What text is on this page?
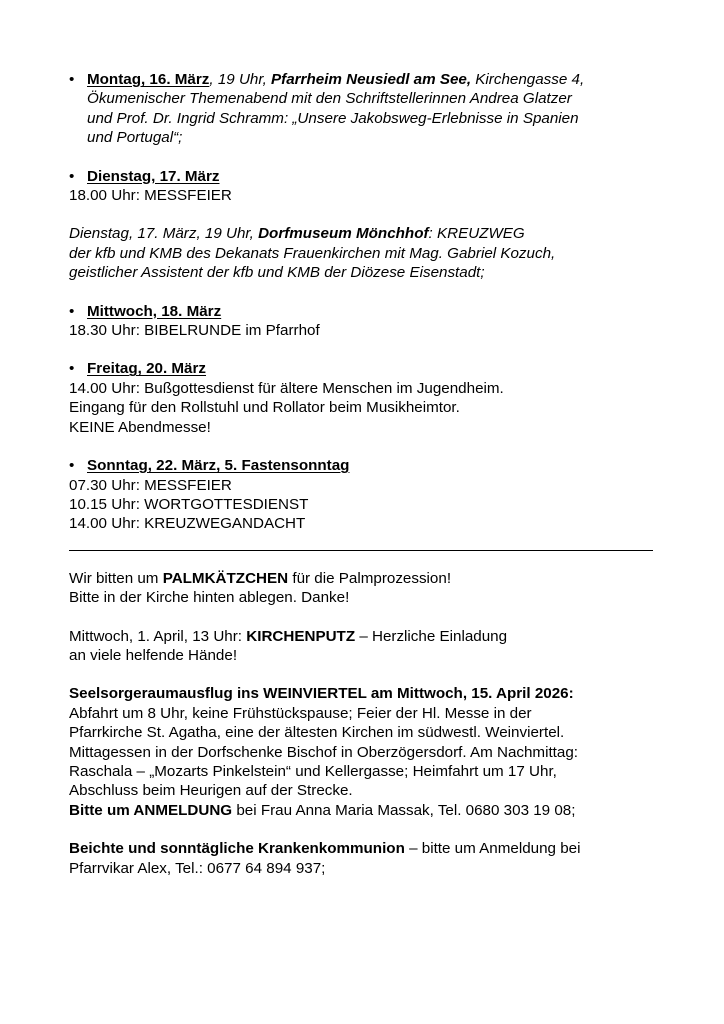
• Montag, 16. März, 19 Uhr, Pfarrheim Neusiedl am See, Kirchengasse 4,
Ökumenischer Themenabend mit den Schriftstellerinnen Andrea Glatzer
und Prof. Dr. Ingrid Schramm: „Unsere Jakobsweg-Erlebnisse in Spanien
und Portugal“;
• Dienstag, 17. März
18.00 Uhr: MESSFEIER
Dienstag, 17. März, 19 Uhr, Dorfmuseum Mönchhof: KREUZWEG
der kfb und KMB des Dekanats Frauenkirchen mit Mag. Gabriel Kozuch,
geistlicher Assistent der kfb und KMB der Diözese Eisenstadt;
• Mittwoch, 18. März
18.30 Uhr: BIBELRUNDE im Pfarrhof
• Freitag, 20. März
14.00 Uhr: Bußgottesdienst für ältere Menschen im Jugendheim.
Eingang für den Rollstuhl und Rollator beim Musikheimtor.
KEINE Abendmesse!
• Sonntag, 22. März, 5. Fastensonntag
07.30 Uhr: MESSFEIER
10.15 Uhr: WORTGOTTESDIENST
14.00 Uhr: KREUZWEGANDACHT
Wir bitten um PALMKÄTZCHEN für die Palmprozession!
Bitte in der Kirche hinten ablegen. Danke!
Mittwoch, 1. April, 13 Uhr: KIRCHENPUTZ – Herzliche Einladung
an viele helfende Hände!
Seelsorgeraumausflug ins WEINVIERTEL am Mittwoch, 15. April 2026:
Abfahrt um 8 Uhr, keine Frühstückspause; Feier der Hl. Messe in der
Pfarrkirche St. Agatha, eine der ältesten Kirchen im südwestl. Weinviertel.
Mittagessen in der Dorfschenke Bischof in Oberzögersdorf. Am Nachmittag:
Raschala – „Mozarts Pinkelstein“ und Kellergasse; Heimfahrt um 17 Uhr,
Abschluss beim Heurigen auf der Strecke.
Bitte um ANMELDUNG bei Frau Anna Maria Massak, Tel. 0680 303 19 08;
Beichte und sonntägliche Krankenkommunion – bitte um Anmeldung bei
Pfarrvikar Alex, Tel.: 0677 64 894 937;
